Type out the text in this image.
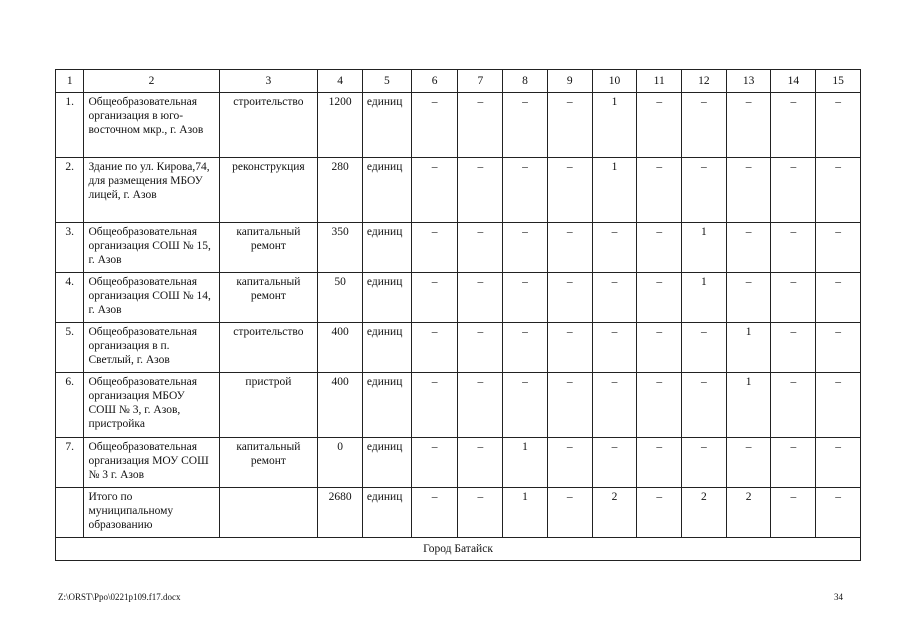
1	2	3	4	5	6	7	8	9	10	11	12	13	14	15
1.	Общеобразовательная организация в юго-восточном мкр., г. Азов	строительство	1200	единиц	–	–	–	–	1	–	–	–	–	–
2.	Здание по ул. Кирова,74, для размещения МБОУ лицей, г. Азов	реконструкция	280	единиц	–	–	–	–	1	–	–	–	–	–
3.	Общеобразовательная организация СОШ № 15, г. Азов	капитальный ремонт	350	единиц	–	–	–	–	–	–	1	–	–	–
4.	Общеобразовательная организация СОШ № 14, г. Азов	капитальный ремонт	50	единиц	–	–	–	–	–	–	1	–	–	–
5.	Общеобразовательная организация в п. Светлый, г. Азов	строительство	400	единиц	–	–	–	–	–	–	–	1	–	–
6.	Общеобразовательная организация МБОУ СОШ № 3, г. Азов, пристройка	пристрой	400	единиц	–	–	–	–	–	–	–	1	–	–
7.	Общеобразовательная организация МОУ СОШ № 3 г. Азов	капитальный ремонт	0	единиц	–	–	1	–	–	–	–	–	–	–
	Итого по муниципальному образованию		2680	единиц	–	–	1	–	2	–	2	2	–	–
Город Батайск														
Z:\ORST\Ppo\0221p109.f17.docx	34
